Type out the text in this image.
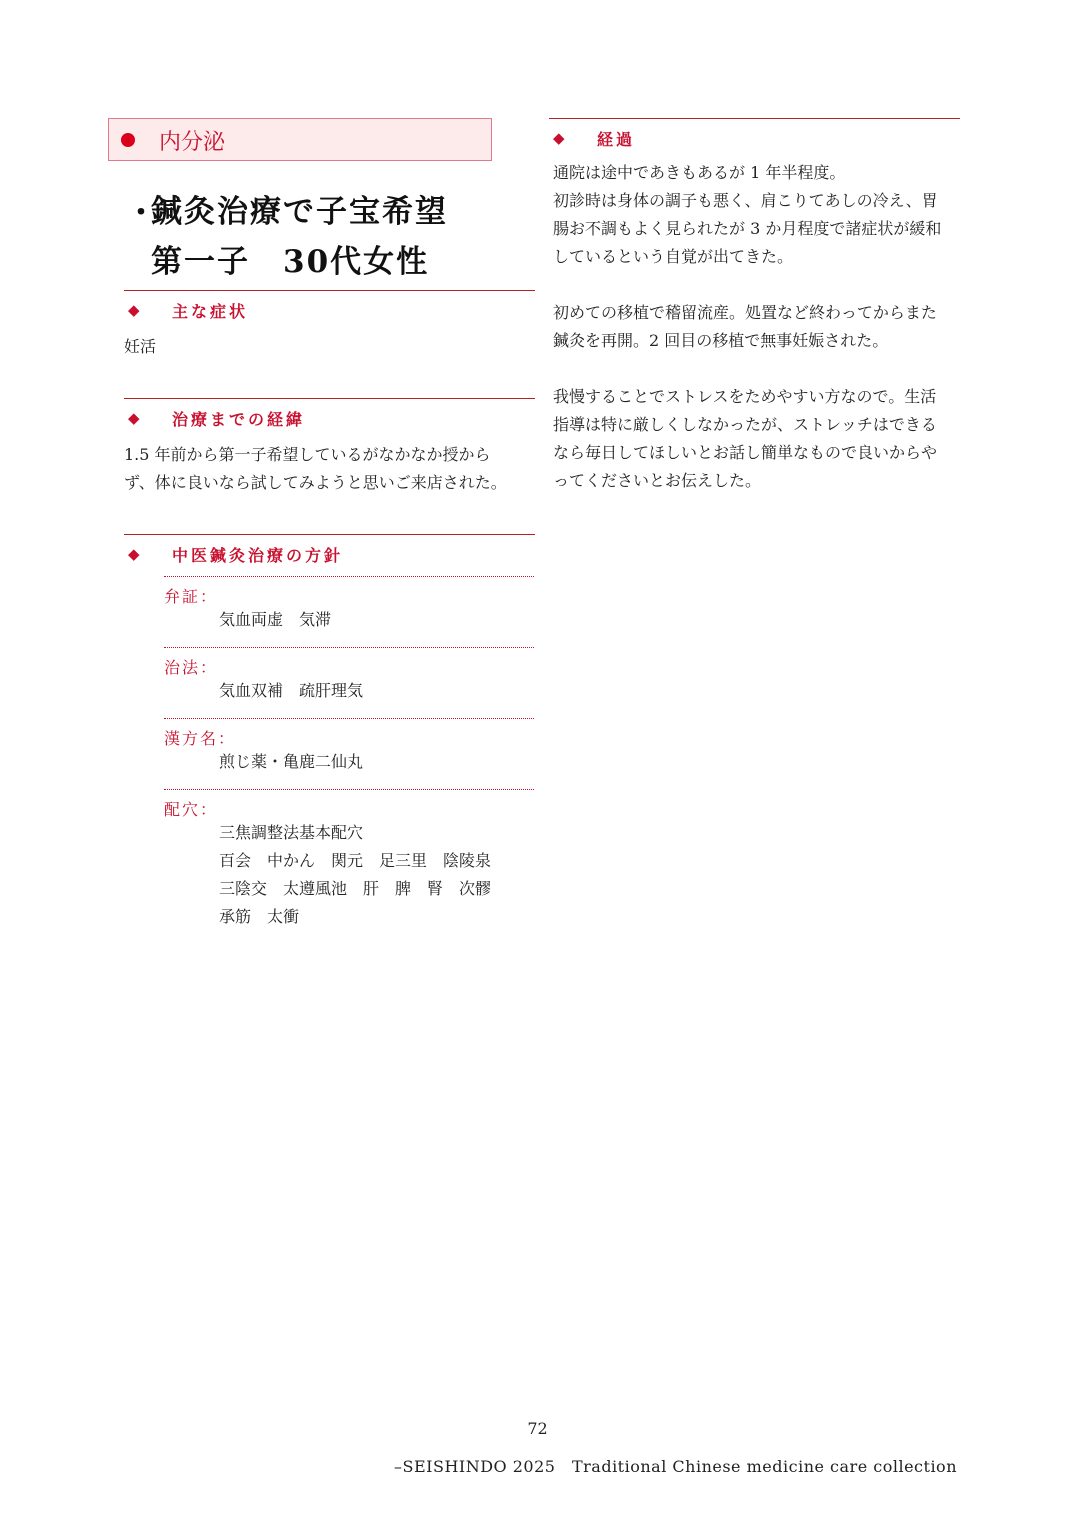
内分泌
・
鍼灸治療で子宝希望
第一子　30代女性
◆	主な症状
妊活
◆	治療までの経緯
1.5 年前から第一子希望しているがなかなか授から
ず、体に良いなら試してみようと思いご来店された。
◆	中医鍼灸治療の方針
弁証：
気血両虚　気滞
治法：
気血双補　疏肝理気
漢方名：
煎じ薬・亀鹿二仙丸
配穴：
三焦調整法基本配穴
百会　中かん　関元　足三里　陰陵泉
三陰交　太遵風池　肝　脾　腎　次髎
承筋　太衝
◆	経過
通院は途中であきもあるが 1 年半程度。
初診時は身体の調子も悪く、肩こりてあしの冷え、胃
腸お不調もよく見られたが 3 か月程度で諸症状が緩和
しているという自覚が出てきた。
初めての移植で稽留流産。処置など終わってからまた
鍼灸を再開。2 回目の移植で無事妊娠された。
我慢することでストレスをためやすい方なので。生活
指導は特に厳しくしなかったが、ストレッチはできる
なら毎日してほしいとお話し簡単なもので良いからや
ってくださいとお伝えした。
72
–SEISHINDO 2025　Traditional Chinese medicine care collection
